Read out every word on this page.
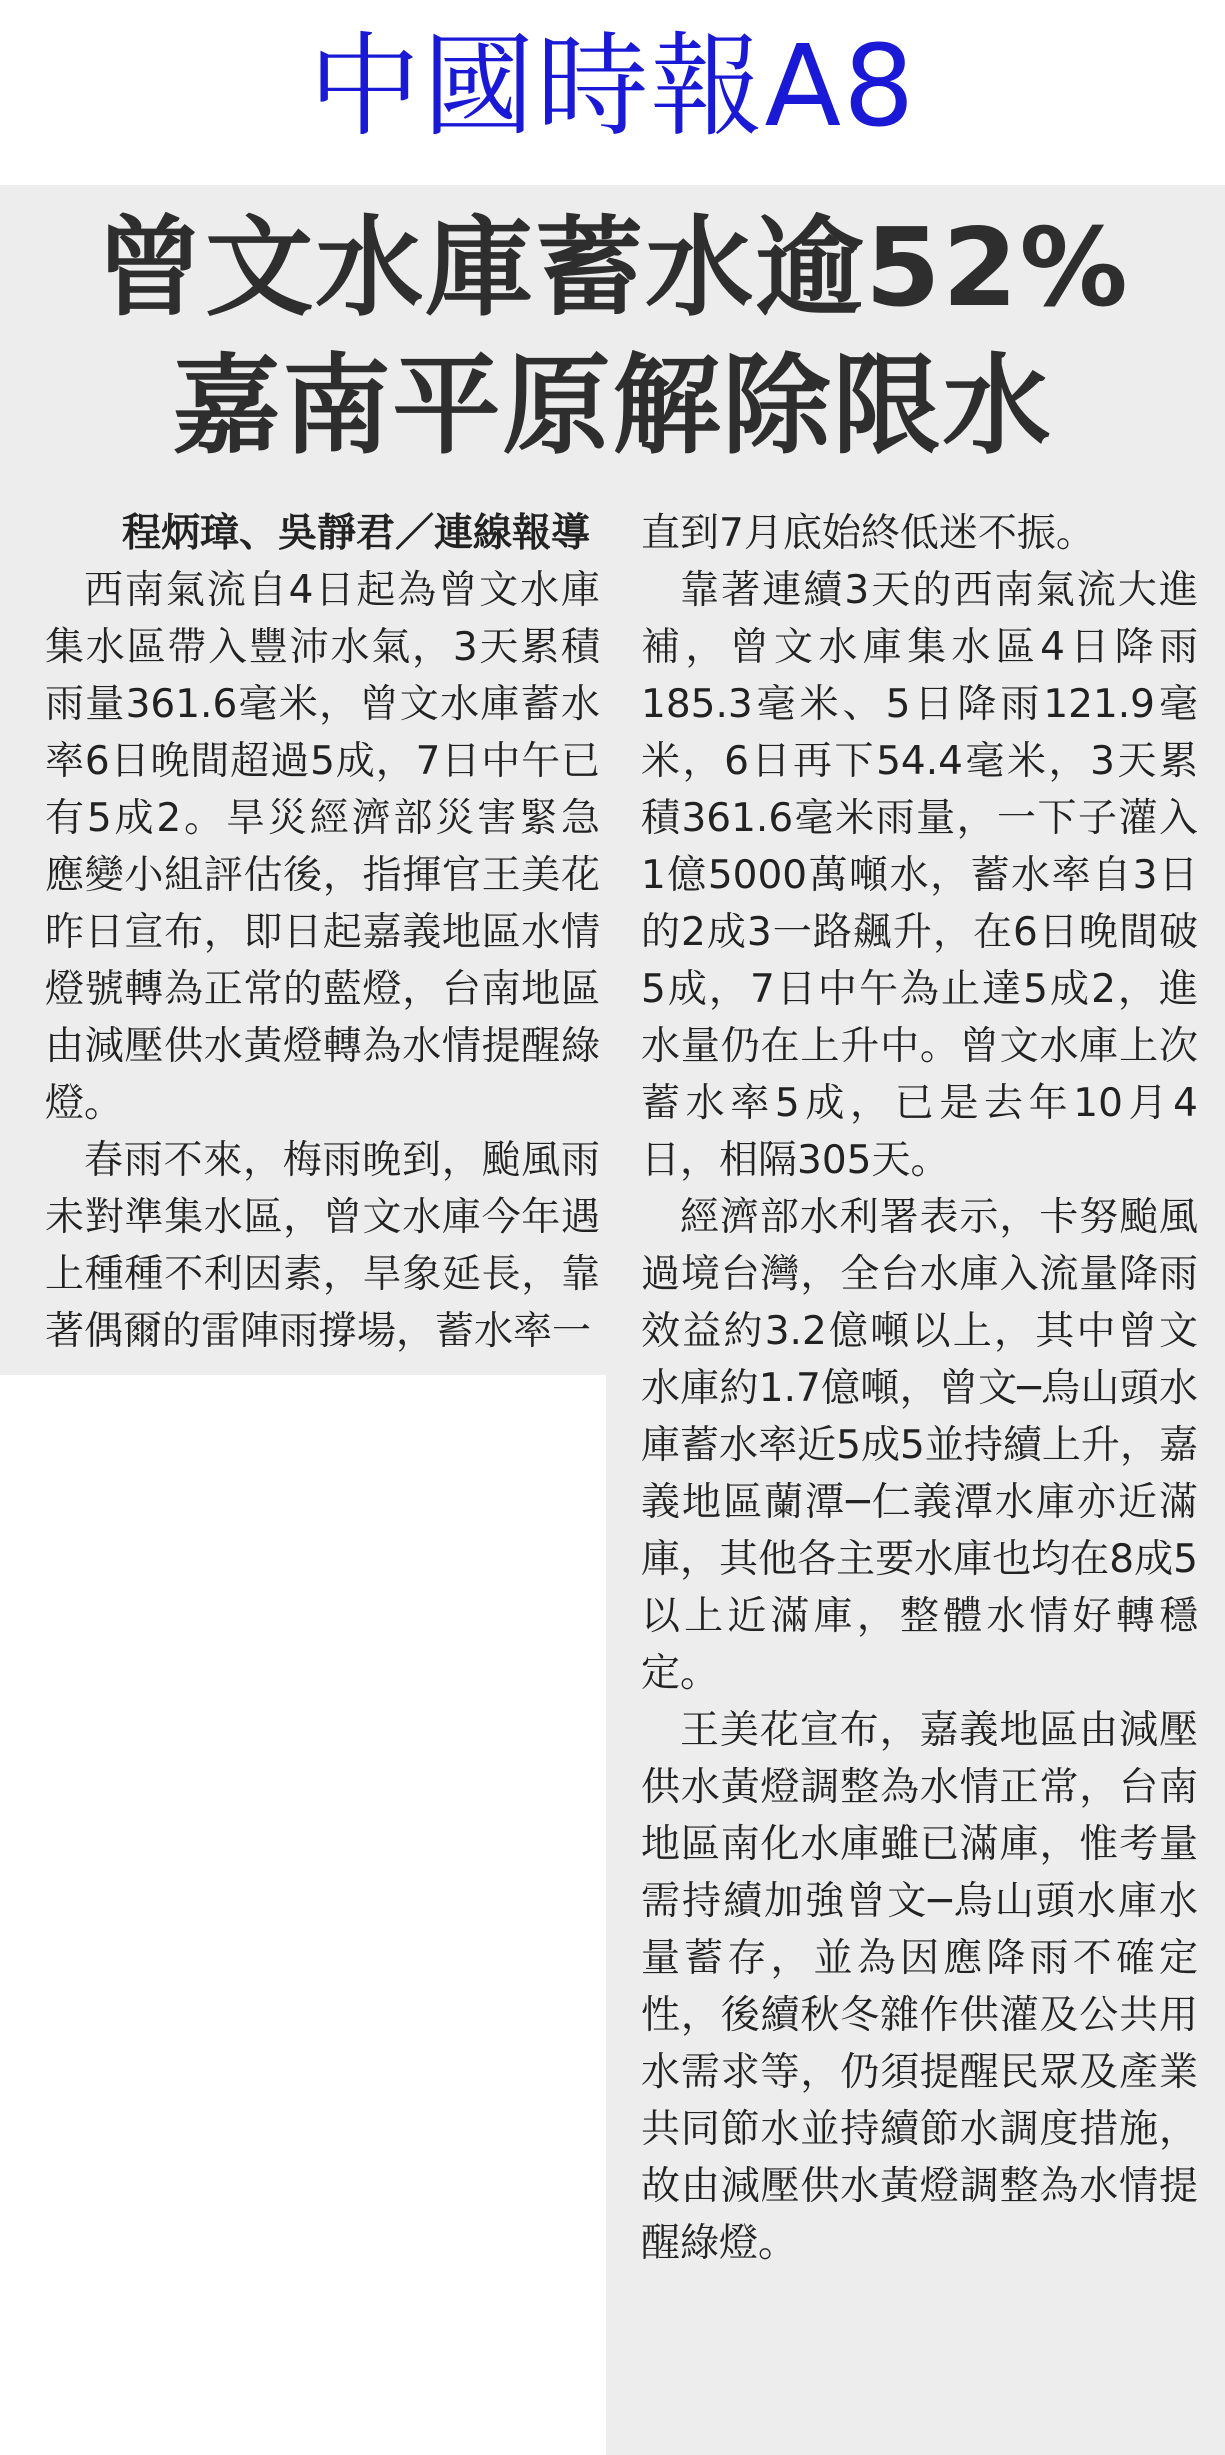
中國時報A8
曾文水庫蓄水逾52%
嘉南平原解除限水

程炳璋、吳靜君／連線報導

西南氣流自4日起為曾文水庫集水區帶入豐沛水氣，3天累積雨量361.6毫米，曾文水庫蓄水率6日晚間超過5成，7日中午已有5成2。旱災經濟部災害緊急應變小組評估後，指揮官王美花昨日宣布，即日起嘉義地區水情燈號轉為正常的藍燈，台南地區由減壓供水黃燈轉為水情提醒綠燈。

春雨不來，梅雨晚到，颱風雨未對準集水區，曾文水庫今年遇上種種不利因素，旱象延長，靠著偶爾的雷陣雨撐場，蓄水率一

直到7月底始終低迷不振。

靠著連續3天的西南氣流大進補，曾文水庫集水區4日降雨185.3毫米、5日降雨121.9毫米，6日再下54.4毫米，3天累積361.6毫米雨量，一下子灌入1億5000萬噸水，蓄水率自3日的2成3一路飆升，在6日晚間破5成，7日中午為止達5成2，進水量仍在上升中。曾文水庫上次蓄水率5成，已是去年10月4日，相隔305天。

經濟部水利署表示，卡努颱風過境台灣，全台水庫入流量降雨效益約3.2億噸以上，其中曾文水庫約1.7億噸，曾文─烏山頭水庫蓄水率近5成5並持續上升，嘉義地區蘭潭─仁義潭水庫亦近滿庫，其他各主要水庫也均在8成5以上近滿庫，整體水情好轉穩定。

王美花宣布，嘉義地區由減壓供水黃燈調整為水情正常，台南地區南化水庫雖已滿庫，惟考量需持續加強曾文─烏山頭水庫水量蓄存，並為因應降雨不確定性，後續秋冬雜作供灌及公共用水需求等，仍須提醒民眾及產業共同節水並持續節水調度措施，故由減壓供水黃燈調整為水情提醒綠燈。
